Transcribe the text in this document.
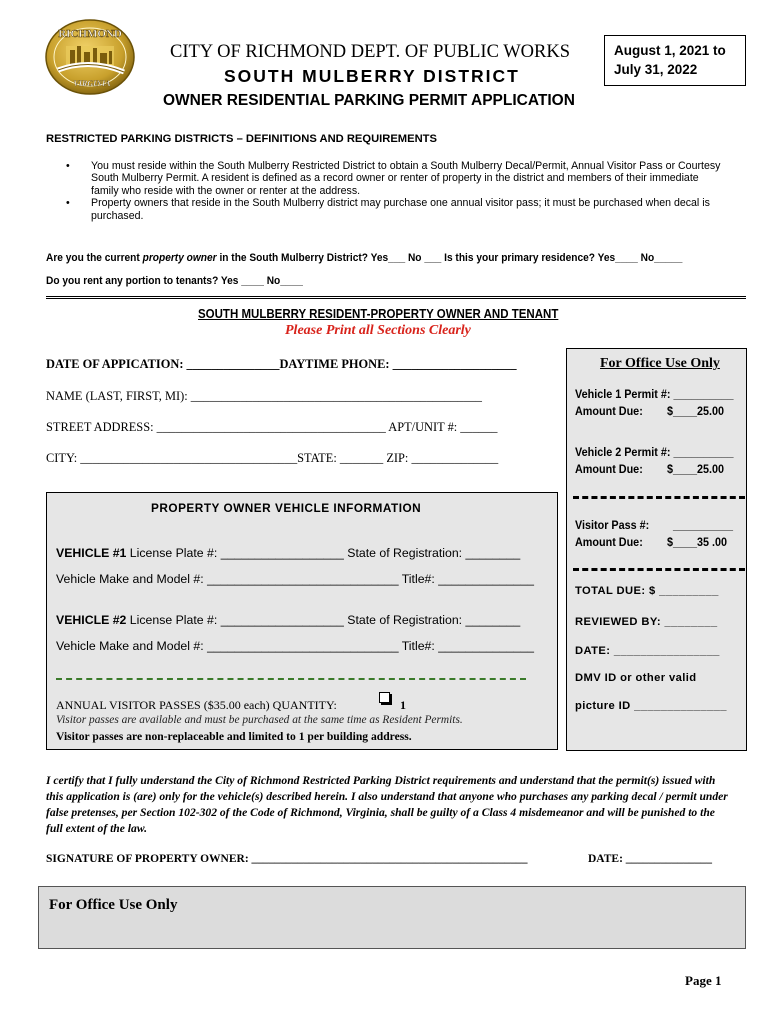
RICHMOND
VIRGINIA
CITY OF RICHMOND DEPT. OF PUBLIC WORKS
SOUTH MULBERRY DISTRICT
August 1, 2021 to
July 31, 2022
OWNER RESIDENTIAL PARKING PERMIT APPLICATION
RESTRICTED PARKING DISTRICTS – DEFINITIONS AND REQUIREMENTS
• You must reside within the South Mulberry Restricted District to obtain a South Mulberry Decal/Permit, Annual Visitor Pass or Courtesy South Mulberry Permit. A resident is defined as a record owner or renter of property in the district and members of their immediate family who reside with the owner or renter at the address.
• Property owners that reside in the South Mulberry district may purchase one annual visitor pass; it must be purchased when decal is purchased.
Are you the current property owner in the South Mulberry District? Yes___ No ___ Is this your primary residence? Yes____ No_____
Do you rent any portion to tenants? Yes ____ No____
SOUTH MULBERRY RESIDENT-PROPERTY OWNER AND TENANT
Please Print all Sections Clearly
DATE OF APPICATION: _______________DAYTIME PHONE: ____________________
NAME (LAST, FIRST, MI): _______________________________________________
STREET ADDRESS: _____________________________________ APT/UNIT #: ______
CITY: ___________________________________STATE: _______ ZIP: ______________
For Office Use Only
Vehicle 1 Permit #: __________
Amount Due: $____25.00
Vehicle 2 Permit #: __________
Amount Due: $____25.00
Visitor Pass #: __________
Amount Due: $____35 .00
TOTAL DUE: $ _________
REVIEWED BY: ________
DATE: ________________
DMV ID or other valid
picture ID ______________
PROPERTY OWNER VEHICLE INFORMATION
VEHICLE #1 License Plate #: __________________ State of Registration: ________
Vehicle Make and Model #: ____________________________ Title#: ______________
VEHICLE #2 License Plate #: __________________ State of Registration: ________
Vehicle Make and Model #: ____________________________ Title#: ______________
ANNUAL VISITOR PASSES ($35.00 each) QUANTITY:	1
Visitor passes are available and must be purchased at the same time as Resident Permits.
Visitor passes are non-replaceable and limited to 1 per building address.
I certify that I fully understand the City of Richmond Restricted Parking District requirements and understand that the permit(s) issued with this application is (are) only for the vehicle(s) described herein. I also understand that anyone who purchases any parking decal / permit under false pretenses, per Section 102-302 of the Code of Richmond, Virginia, shall be guilty of a Class 4 misdemeanor and will be punished to the full extent of the law.
SIGNATURE OF PROPERTY OWNER: ________________________________________________	DATE: _______________
For Office Use Only
Page 1
